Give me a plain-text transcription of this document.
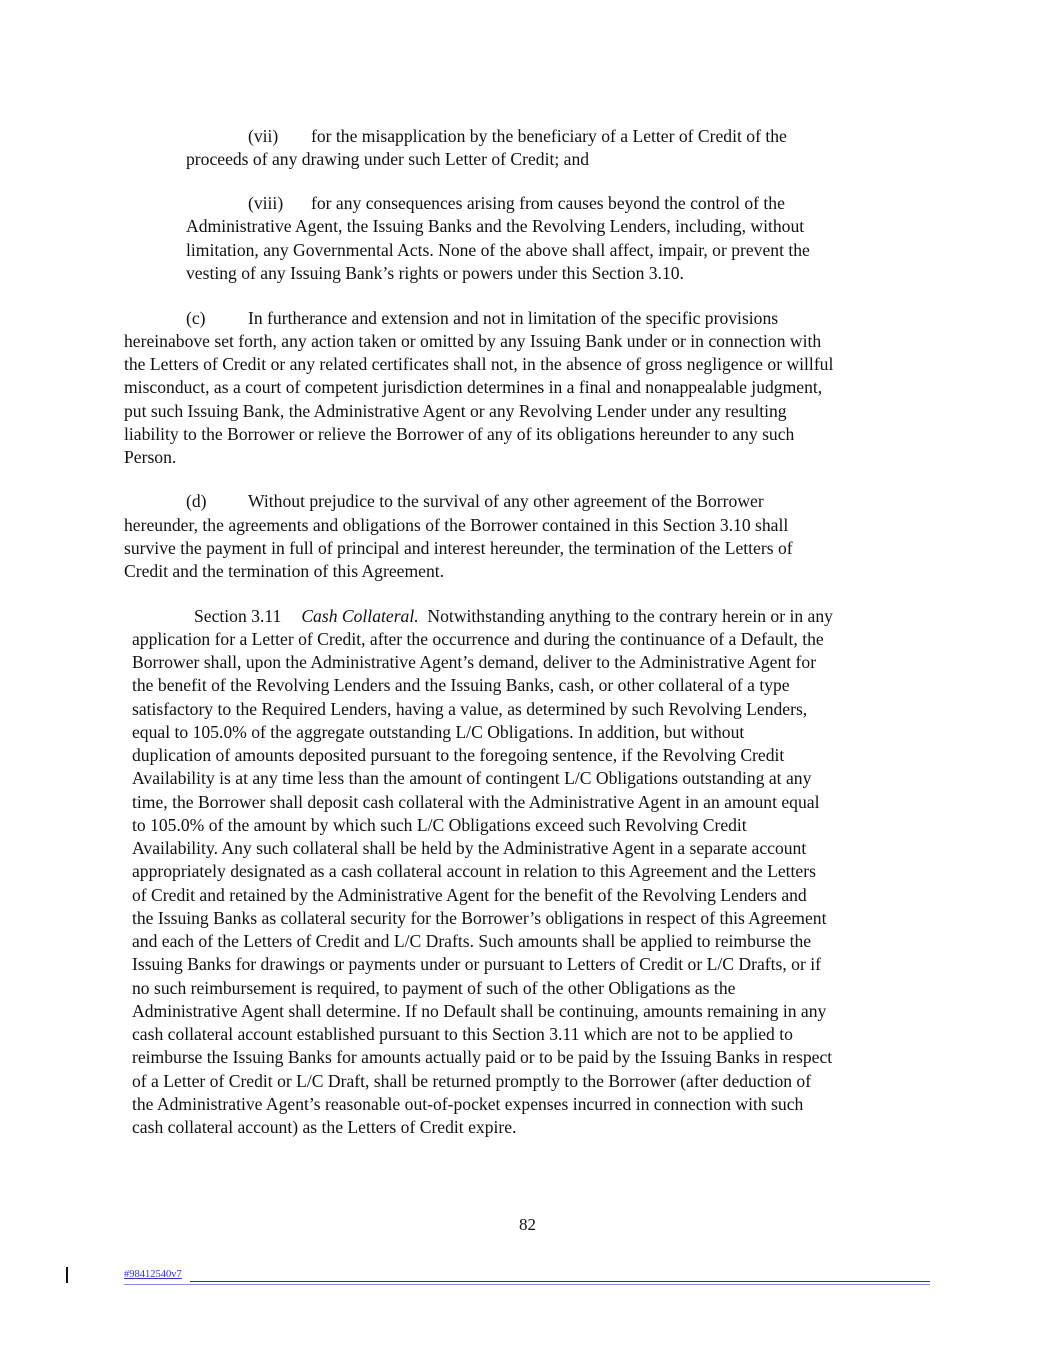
(vii) for the misapplication by the beneficiary of a Letter of Credit of the
proceeds of any drawing under such Letter of Credit; and
(viii) for any consequences arising from causes beyond the control of the
Administrative Agent, the Issuing Banks and the Revolving Lenders, including, without
limitation, any Governmental Acts. None of the above shall affect, impair, or prevent the
vesting of any Issuing Bank’s rights or powers under this Section 3.10.
(c) In furtherance and extension and not in limitation of the specific provisions
hereinabove set forth, any action taken or omitted by any Issuing Bank under or in connection with
the Letters of Credit or any related certificates shall not, in the absence of gross negligence or willful
misconduct, as a court of competent jurisdiction determines in a final and nonappealable judgment,
put such Issuing Bank, the Administrative Agent or any Revolving Lender under any resulting
liability to the Borrower or relieve the Borrower of any of its obligations hereunder to any such
Person.
(d) Without prejudice to the survival of any other agreement of the Borrower
hereunder, the agreements and obligations of the Borrower contained in this Section 3.10 shall
survive the payment in full of principal and interest hereunder, the termination of the Letters of
Credit and the termination of this Agreement.
Section 3.11 Cash Collateral. Notwithstanding anything to the contrary herein or in any
application for a Letter of Credit, after the occurrence and during the continuance of a Default, the
Borrower shall, upon the Administrative Agent’s demand, deliver to the Administrative Agent for
the benefit of the Revolving Lenders and the Issuing Banks, cash, or other collateral of a type
satisfactory to the Required Lenders, having a value, as determined by such Revolving Lenders,
equal to 105.0% of the aggregate outstanding L/C Obligations. In addition, but without
duplication of amounts deposited pursuant to the foregoing sentence, if the Revolving Credit
Availability is at any time less than the amount of contingent L/C Obligations outstanding at any
time, the Borrower shall deposit cash collateral with the Administrative Agent in an amount equal
to 105.0% of the amount by which such L/C Obligations exceed such Revolving Credit
Availability. Any such collateral shall be held by the Administrative Agent in a separate account
appropriately designated as a cash collateral account in relation to this Agreement and the Letters
of Credit and retained by the Administrative Agent for the benefit of the Revolving Lenders and
the Issuing Banks as collateral security for the Borrower’s obligations in respect of this Agreement
and each of the Letters of Credit and L/C Drafts. Such amounts shall be applied to reimburse the
Issuing Banks for drawings or payments under or pursuant to Letters of Credit or L/C Drafts, or if
no such reimbursement is required, to payment of such of the other Obligations as the
Administrative Agent shall determine. If no Default shall be continuing, amounts remaining in any
cash collateral account established pursuant to this Section 3.11 which are not to be applied to
reimburse the Issuing Banks for amounts actually paid or to be paid by the Issuing Banks in respect
of a Letter of Credit or L/C Draft, shall be returned promptly to the Borrower (after deduction of
the Administrative Agent’s reasonable out-of-pocket expenses incurred in connection with such
cash collateral account) as the Letters of Credit expire.
82
#98412540v7
